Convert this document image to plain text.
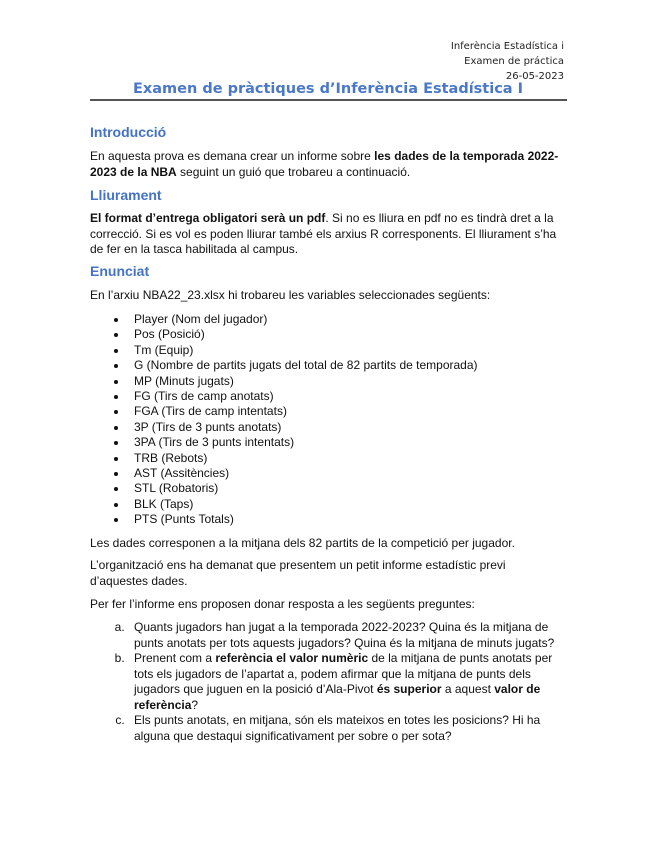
Inferència Estadística i
Examen de práctica
26-05-2023
Examen de pràctiques d’Inferència Estadística I
Introducció
En aquesta prova es demana crear un informe sobre les dades de la temporada 2022-2023 de la NBA seguint un guió que trobareu a continuació.
Lliurament
El format d’entrega obligatori serà un pdf. Si no es lliura en pdf no es tindrà dret a la correcció. Si es vol es poden lliurar també els arxius R corresponents. El lliurament s’ha de fer en la tasca habilitada al campus.
Enunciat
En l’arxiu NBA22_23.xlsx hi trobareu les variables seleccionades següents:
• Player (Nom del jugador)
• Pos (Posició)
• Tm (Equip)
• G (Nombre de partits jugats del total de 82 partits de temporada)
• MP (Minuts jugats)
• FG (Tirs de camp anotats)
• FGA (Tirs de camp intentats)
• 3P (Tirs de 3 punts anotats)
• 3PA (Tirs de 3 punts intentats)
• TRB (Rebots)
• AST (Assitències)
• STL (Robatoris)
• BLK (Taps)
• PTS (Punts Totals)
Les dades corresponen a la mitjana dels 82 partits de la competició per jugador.
L’organització ens ha demanat que presentem un petit informe estadístic previ d’aquestes dades.
Per fer l’informe ens proposen donar resposta a les següents preguntes:
a. Quants jugadors han jugat a la temporada 2022-2023? Quina és la mitjana de punts anotats per tots aquests jugadors? Quina és la mitjana de minuts jugats?
b. Prenent com a referència el valor numèric de la mitjana de punts anotats per tots els jugadors de l’apartat a, podem afirmar que la mitjana de punts dels jugadors que juguen en la posició d’Ala-Pivot és superior a aquest valor de referència?
c. Els punts anotats, en mitjana, són els mateixos en totes les posicions? Hi ha alguna que destaqui significativament per sobre o per sota?
